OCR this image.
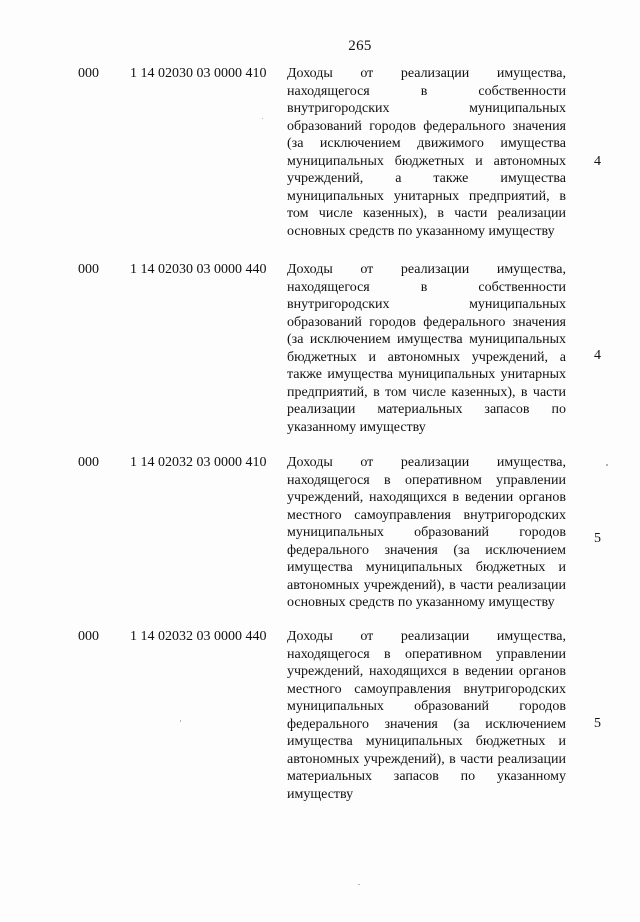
265
000 1 14 02030 03 0000 410 Доходы от реализации имущества, находящегося в собственности внутригородских муниципальных образований городов федерального значения (за исключением движимого имущества муниципальных бюджетных и автономных учреждений, а также имущества муниципальных унитарных предприятий, в том числе казенных), в части реализации основных средств по указанному имуществу
4
000 1 14 02030 03 0000 440 Доходы от реализации имущества, находящегося в собственности внутригородских муниципальных образований городов федерального значения (за исключением имущества муниципальных бюджетных и автономных учреждений, а также имущества муниципальных унитарных предприятий, в том числе казенных), в части реализации материальных запасов по указанному имуществу
4
000 1 14 02032 03 0000 410 Доходы от реализации имущества, находящегося в оперативном управлении учреждений, находящихся в ведении органов местного самоуправления внутригородских муниципальных образований городов федерального значения (за исключением имущества муниципальных бюджетных и автономных учреждений), в части реализации основных средств по указанному имуществу
5
000 1 14 02032 03 0000 440 Доходы от реализации имущества, находящегося в оперативном управлении учреждений, находящихся в ведении органов местного самоуправления внутригородских муниципальных образований городов федерального значения (за исключением имущества муниципальных бюджетных и автономных учреждений), в части реализации материальных запасов по указанному имуществу
5
